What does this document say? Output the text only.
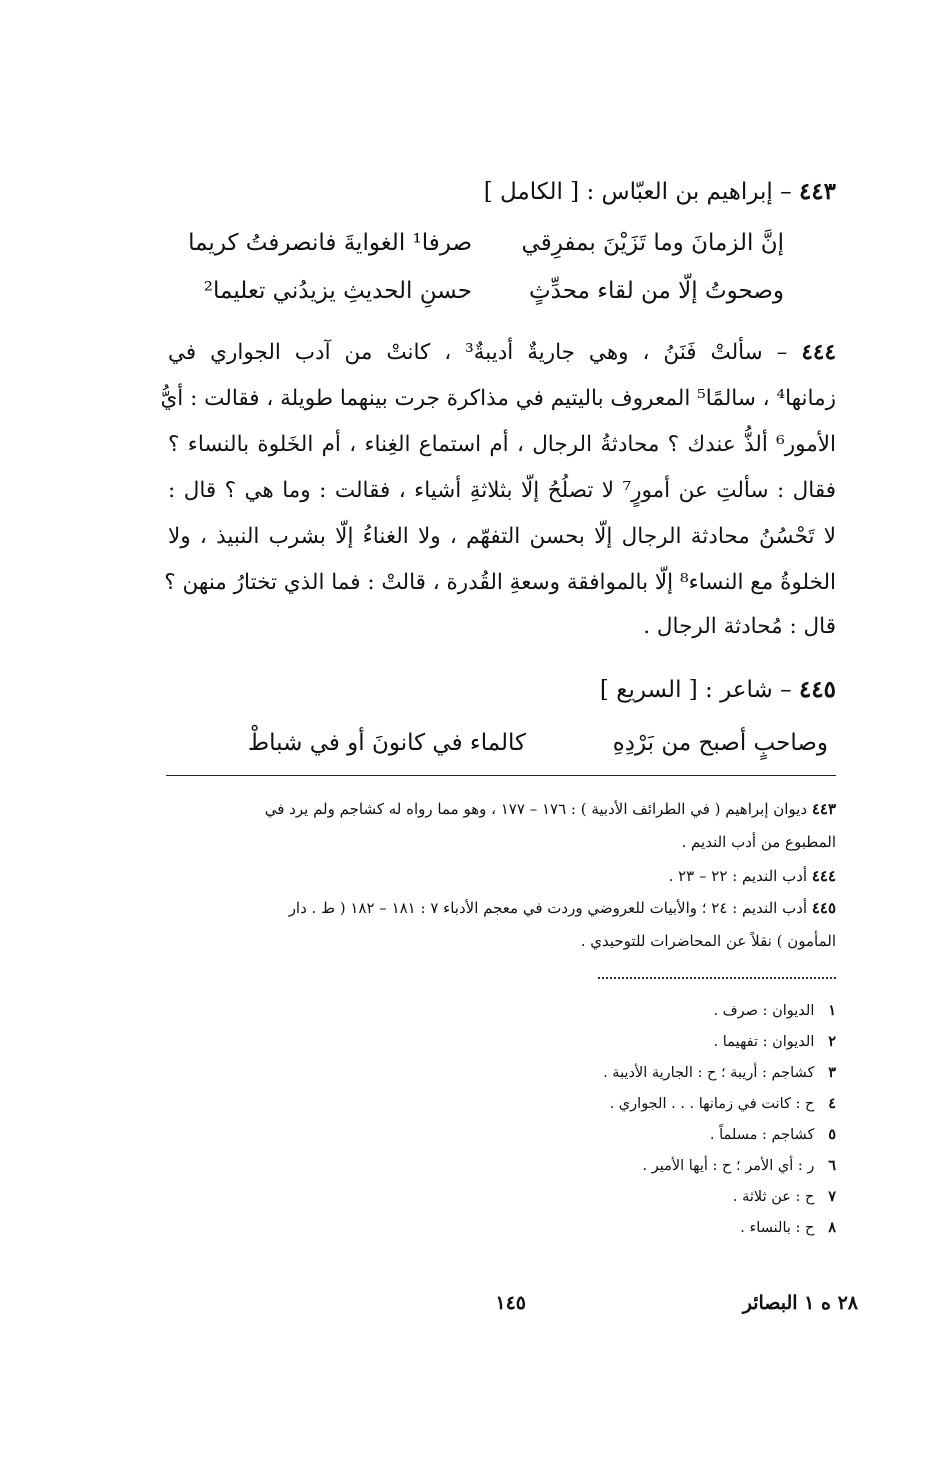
٤٤٣ – إبراهيم بن العبّاس : [ الكامل ]
إنَّ الزمانَ وما تَزَيْنَ بمفرِقي
صرفا¹ الغوايةَ فانصرفتُ كريما
وصحوتُ إلّا من لقاء محدِّثٍ
حسنِ الحديثِ يزيدُني تعليما²
٤٤٤ – سألتْ فَنَنُ ، وهي جاريةٌ أديبةٌ³ ، كانتْ من آدب الجواري في
زمانها⁴ ، سالمًا⁵ المعروف باليتيم في مذاكرة جرت بينهما طويلة ، فقالت : أيُّ
الأمور⁶ ألذُّ عندك ؟ محادثةُ الرجال ، أم استماع الغِناء ، أم الخَلوة بالنساء ؟
فقال : سألتِ عن أمورٍ⁷ لا تصلُحُ إلّا بثلاثةِ أشياء ، فقالت : وما هي ؟ قال :
لا تَحْسُنُ محادثة الرجال إلّا بحسن التفهّم ، ولا الغناءُ إلّا بشرب النبيذ ، ولا
الخلوةُ مع النساء⁸ إلّا بالموافقة وسعةِ القُدرة ، قالتْ : فما الذي تختارُ منهن ؟
قال : مُحادثة الرجال .
٤٤٥ – شاعر : [ السريع ]
وصاحبٍ أصبح من بَرْدِهِ
كالماء في كانونَ أو في شباطْ
٤٤٣ ديوان إبراهيم ( في الطرائف الأدبية ) : ١٧٦ – ١٧٧ ، وهو مما رواه له كشاجم ولم يرد في
المطبوع من أدب النديم .
٤٤٤ أدب النديم : ٢٢ – ٢٣ .
٤٤٥ أدب النديم : ٢٤ ؛ والأبيات للعروضي وردت في معجم الأدباء ٧ : ١٨١ – ١٨٢ ( ط . دار
المأمون ) نقلاً عن المحاضرات للتوحيدي .
١   الديوان : صرف .
٢   الديوان : تفهيما .
٣   كشاجم : أريبة ؛ ح : الجارية الأديبة .
٤   ح : كانت في زمانها . . . الجواري .
٥   كشاجم : مسلماً .
٦   ر : أي الأمر ؛ ح : أيها الأمير .
٧   ح : عن ثلاثة .
٨   ح : بالنساء .
٢٨ ه ١ البصائر
١٤٥
